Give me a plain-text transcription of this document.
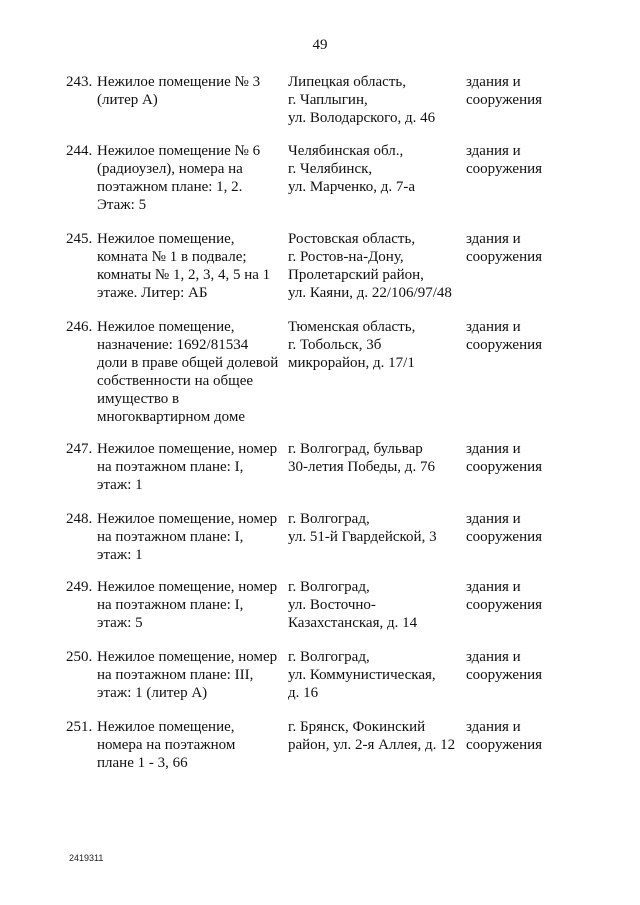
49
243. Нежилое помещение № 3
(литер А)
Липецкая область,
г. Чаплыгин,
ул. Володарского, д. 46
здания и
сооружения
244. Нежилое помещение № 6
(радиоузел), номера на
поэтажном плане: 1, 2.
Этаж: 5
Челябинская обл.,
г. Челябинск,
ул. Марченко, д. 7-а
здания и
сооружения
245. Нежилое помещение,
комната № 1 в подвале;
комнаты № 1, 2, 3, 4, 5 на 1
этаже. Литер: АБ
Ростовская область,
г. Ростов-на-Дону,
Пролетарский район,
ул. Каяни, д. 22/106/97/48
здания и
сооружения
246. Нежилое помещение,
назначение: 1692/81534
доли в праве общей долевой
собственности на общее
имущество в
многоквартирном доме
Тюменская область,
г. Тобольск, 3б
микрорайон, д. 17/1
здания и
сооружения
247. Нежилое помещение, номер
на поэтажном плане: I,
этаж: 1
г. Волгоград, бульвар
30-летия Победы, д. 76
здания и
сооружения
248. Нежилое помещение, номер
на поэтажном плане: I,
этаж: 1
г. Волгоград,
ул. 51-й Гвардейской, 3
здания и
сооружения
249. Нежилое помещение, номер
на поэтажном плане: I,
этаж: 5
г. Волгоград,
ул. Восточно-
Казахстанская, д. 14
здания и
сооружения
250. Нежилое помещение, номер
на поэтажном плане: III,
этаж: 1 (литер А)
г. Волгоград,
ул. Коммунистическая,
д. 16
здания и
сооружения
251. Нежилое помещение,
номера на поэтажном
плане 1 - 3, 66
г. Брянск, Фокинский
район, ул. 2-я Аллея, д. 12
здания и
сооружения
2419311
